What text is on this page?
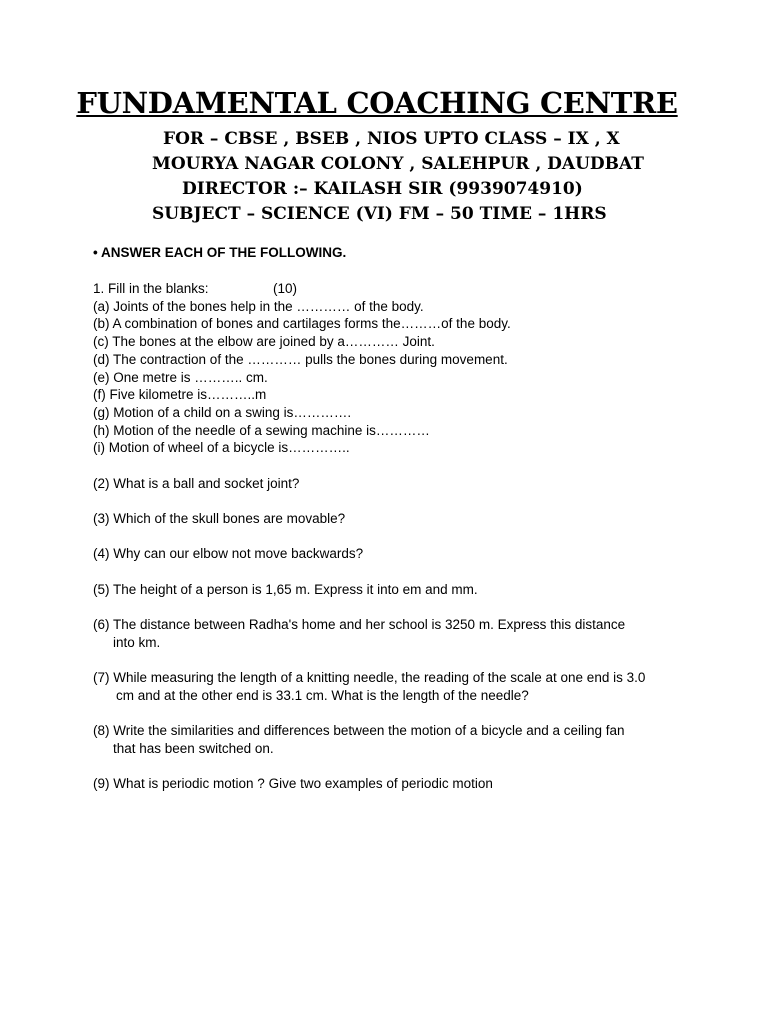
FUNDAMENTAL COACHING CENTRE
FOR – CBSE , BSEB , NIOS UPTO CLASS – IX , X
MOURYA NAGAR COLONY , SALEHPUR , DAUDBAT
DIRECTOR :– KAILASH SIR (9939074910)
SUBJECT – SCIENCE (VI) FM – 50 TIME – 1HRS
• ANSWER EACH OF THE FOLLOWING.
1. Fill in the blanks:	(10)
(a) Joints of the bones help in the ………… of the body.
(b) A combination of bones and cartilages forms the………of the body.
(c) The bones at the elbow are joined by a………… Joint.
(d) The contraction of the ………… pulls the bones during movement.
(e) One metre is ……….. cm.
(f) Five kilometre is………..m
(g) Motion of a child on a swing is………….
(h) Motion of the needle of a sewing machine is…………
(i) Motion of wheel of a bicycle is…………..
(2) What is a ball and socket joint?
(3) Which of the skull bones are movable?
(4) Why can our elbow not move backwards?
(5) The height of a person is 1,65 m. Express it into em and mm.
(6) The distance between Radha's home and her school is 3250 m. Express this distance
into km.
(7) While measuring the length of a knitting needle, the reading of the scale at one end is 3.0
cm and at the other end is 33.1 cm. What is the length of the needle?
(8) Write the similarities and differences between the motion of a bicycle and a ceiling fan
that has been switched on.
(9) What is periodic motion ? Give two examples of periodic motion
